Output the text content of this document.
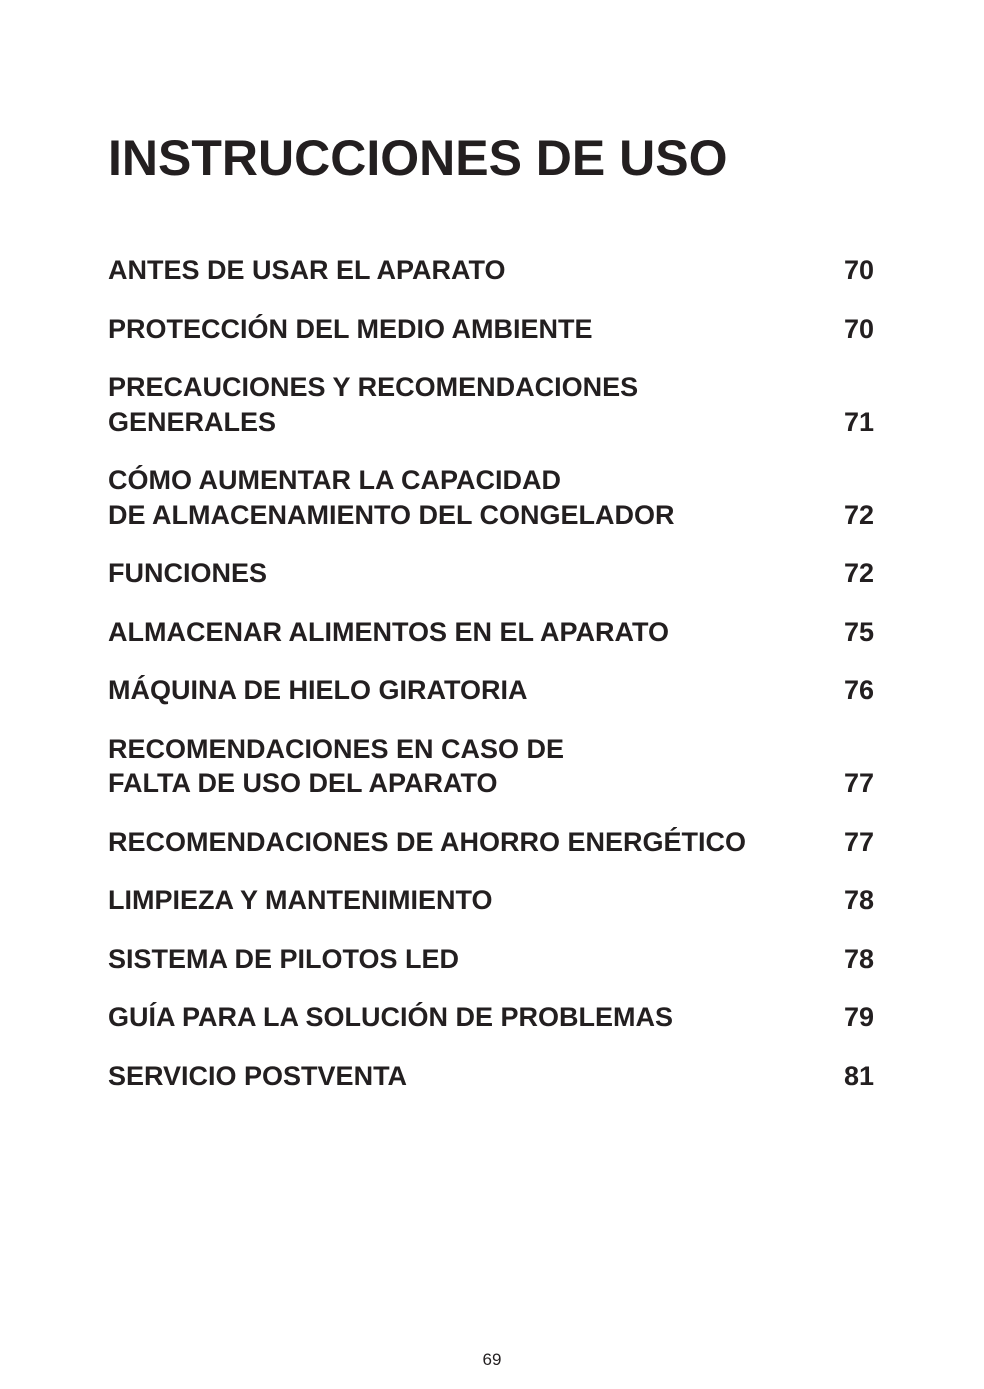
INSTRUCCIONES DE USO
ANTES DE USAR EL APARATO	70
PROTECCIÓN DEL MEDIO AMBIENTE	70
PRECAUCIONES Y RECOMENDACIONES
GENERALES	71
CÓMO AUMENTAR LA CAPACIDAD
DE ALMACENAMIENTO DEL CONGELADOR	72
FUNCIONES	72
ALMACENAR ALIMENTOS EN EL APARATO	75
MÁQUINA DE HIELO GIRATORIA	76
RECOMENDACIONES EN CASO DE
FALTA DE USO DEL APARATO	77
RECOMENDACIONES DE AHORRO ENERGÉTICO	77
LIMPIEZA Y MANTENIMIENTO	78
SISTEMA DE PILOTOS LED	78
GUÍA PARA LA SOLUCIÓN DE PROBLEMAS	79
SERVICIO POSTVENTA	81
69
